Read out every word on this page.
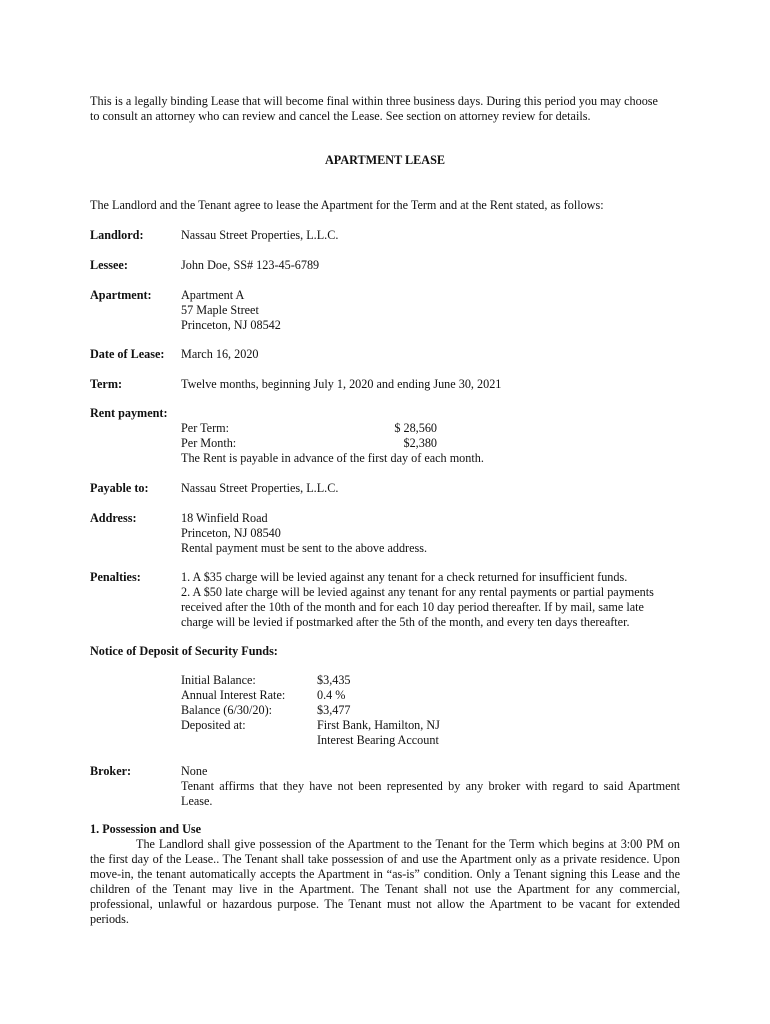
This is a legally binding Lease that will become final within three business days. During this period you may choose
to consult an attorney who can review and cancel the Lease. See section on attorney review for details.
APARTMENT LEASE
The Landlord and the Tenant agree to lease the Apartment for the Term and at the Rent stated, as follows:
Landlord:	Nassau Street Properties, L.L.C.
Lessee:	John Doe, SS# 123-45-6789
Apartment: Apartment A
57 Maple Street
Princeton, NJ 08542
Date of Lease: March 16, 2020
Term:	Twelve months, beginning July 1, 2020 and ending June 30, 2021
Rent payment:
Per Term:	$ 28,560
Per Month:	$2,380
The Rent is payable in advance of the first day of each month.
Payable to:	Nassau Street Properties, L.L.C.
Address:	18 Winfield Road
Princeton, NJ 08540
Rental payment must be sent to the above address.
Penalties:	1. A $35 charge will be levied against any tenant for a check returned for insufficient funds.
2. A $50 late charge will be levied against any tenant for any rental payments or partial payments
received after the 10th of the month and for each 10 day period thereafter. If by mail, same late
charge will be levied if postmarked after the 5th of the month, and every ten days thereafter.
Notice of Deposit of Security Funds:
Initial Balance:	$3,435
Annual Interest Rate:	0.4 %
Balance (6/30/20):	$3,477
Deposited at:	First Bank, Hamilton, NJ
Interest Bearing Account
Broker:	None
Tenant affirms that they have not been represented by any broker with regard to said Apartment Lease.
1. Possession and Use
The Landlord shall give possession of the Apartment to the Tenant for the Term which begins at 3:00 PM on the first day of the Lease.. The Tenant shall take possession of and use the Apartment only as a private residence. Upon move-in, the tenant automatically accepts the Apartment in “as-is” condition. Only a Tenant signing this Lease and the children of the Tenant may live in the Apartment. The Tenant shall not use the Apartment for any commercial, professional, unlawful or hazardous purpose. The Tenant must not allow the Apartment to be vacant for extended periods.
